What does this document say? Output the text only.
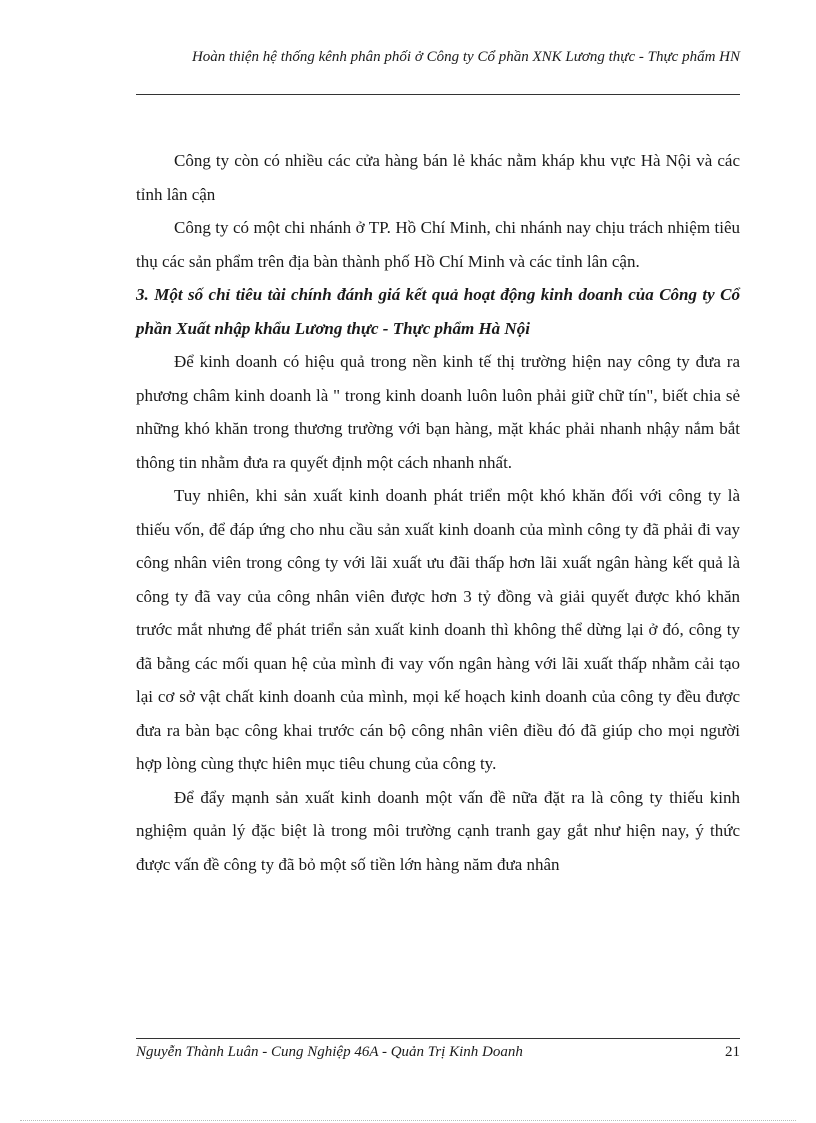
Hoàn thiện hệ thống kênh phân phối ở Công ty Cổ phần XNK Lương thực - Thực phẩm HN

Công ty còn có nhiều các cửa hàng bán lẻ khác nằm kháp khu vực Hà Nội và các tỉnh lân cận

Công ty có một chi nhánh ở TP. Hồ Chí Minh, chi nhánh nay chịu trách nhiệm tiêu thụ các sản phẩm trên địa bàn thành phố Hồ Chí Minh và các tỉnh lân cận.

3. Một số chỉ tiêu tài chính đánh giá kết quả hoạt động kinh doanh của Công ty Cổ phần Xuất nhập khẩu Lương thực - Thực phẩm Hà Nội

Để kinh doanh có hiệu quả trong nền kinh tế thị trường hiện nay công ty đưa ra phương châm kinh doanh là " trong kinh doanh luôn luôn phải giữ chữ tín", biết chia sẻ những khó khăn trong thương trường với bạn hàng, mặt khác phải nhanh nhậy nắm bắt thông tin nhằm đưa ra quyết định một cách nhanh nhất.

Tuy nhiên, khi sản xuất kinh doanh phát triển một khó khăn đối với công ty là thiếu vốn, để đáp ứng cho nhu cầu sản xuất kinh doanh của mình công ty đã phải đi vay công nhân viên trong công ty với lãi xuất ưu đãi thấp hơn lãi xuất ngân hàng kết quả là công ty đã vay của công nhân viên được hơn 3 tỷ đồng và giải quyết được khó khăn trước mắt nhưng để phát triển sản xuất kinh doanh thì không thể dừng lại ở đó, công ty đã bằng các mối quan hệ của mình đi vay vốn ngân hàng với lãi xuất thấp nhằm cải tạo lại cơ sở vật chất kinh doanh của mình, mọi kế hoạch kinh doanh của công ty đều được đưa ra bàn bạc công khai trước cán bộ công nhân viên điều đó đã giúp cho mọi người hợp lòng cùng thực hiên mục tiêu chung của công ty.

Để đẩy mạnh sản xuất kinh doanh một vấn đề nữa đặt ra là công ty thiếu kinh nghiệm quản lý đặc biệt là trong môi trường cạnh tranh gay gắt như hiện nay, ý thức được vấn đề công ty đã bỏ một số tiền lớn hàng năm đưa nhân

Nguyễn Thành Luân - Cung Nghiệp 46A - Quản Trị Kinh Doanh	21
